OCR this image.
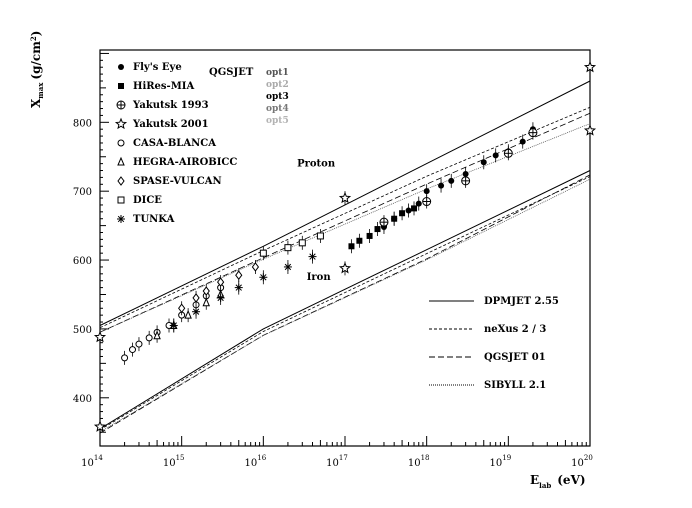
400
500
600
700
800
$10^{14}$	$10^{15}$	$10^{16}$	$10^{17}$	$10^{18}$	$10^{19}$	$10^{20}$
Fly's Eye
HiRes-MIA
Yakutsk 1993
Yakutsk 2001
CASA-BLANCA
HEGRA-AIROBICC
SPASE-VULCAN
DICE
TUNKA
opt1
opt2
opt3
opt4
opt5
DPMJET 2.55
neXus 2 / 3
QGSJET 01
SIBYLL 2.1
Proton
Iron
$X_{max}(g/cm^2)$
$E_{lab}$ (eV)
QGSJET
